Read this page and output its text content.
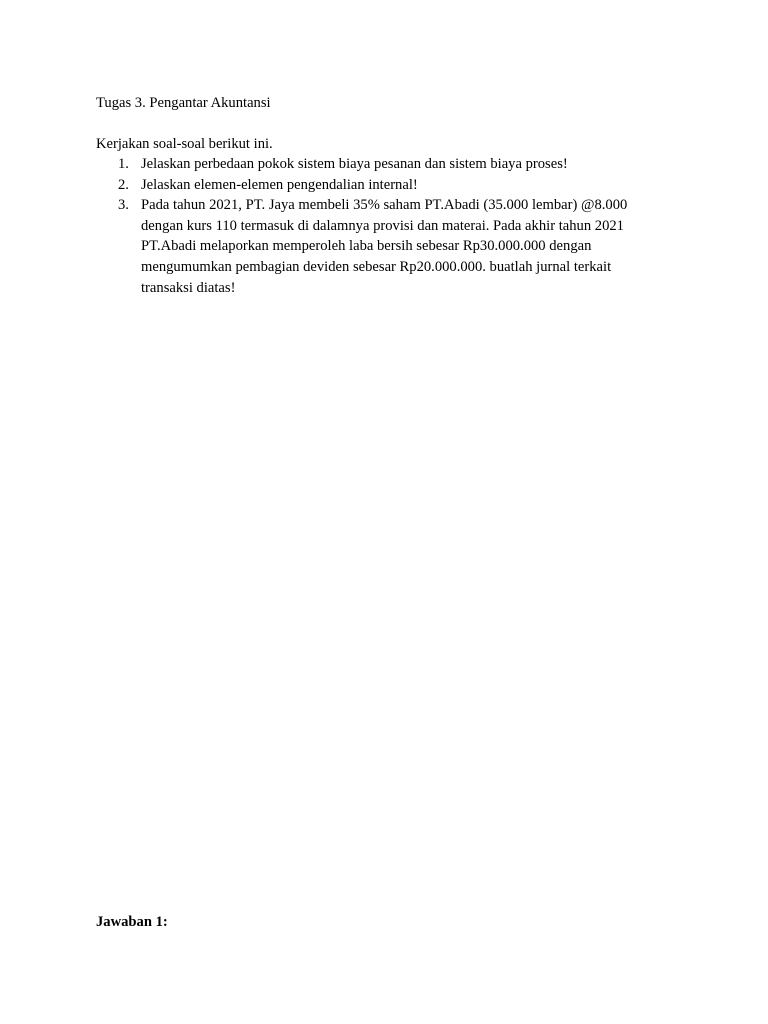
Tugas 3. Pengantar Akuntansi
Kerjakan soal-soal berikut ini.
1. Jelaskan perbedaan pokok sistem biaya pesanan dan sistem biaya proses!
2. Jelaskan elemen-elemen pengendalian internal!
3. Pada tahun 2021, PT. Jaya membeli 35% saham PT.Abadi (35.000 lembar) @8.000 dengan kurs 110 termasuk di dalamnya provisi dan materai. Pada akhir tahun 2021 PT.Abadi melaporkan memperoleh laba bersih sebesar Rp30.000.000 dengan mengumumkan pembagian deviden sebesar Rp20.000.000. buatlah jurnal terkait transaksi diatas!
Jawaban 1:
